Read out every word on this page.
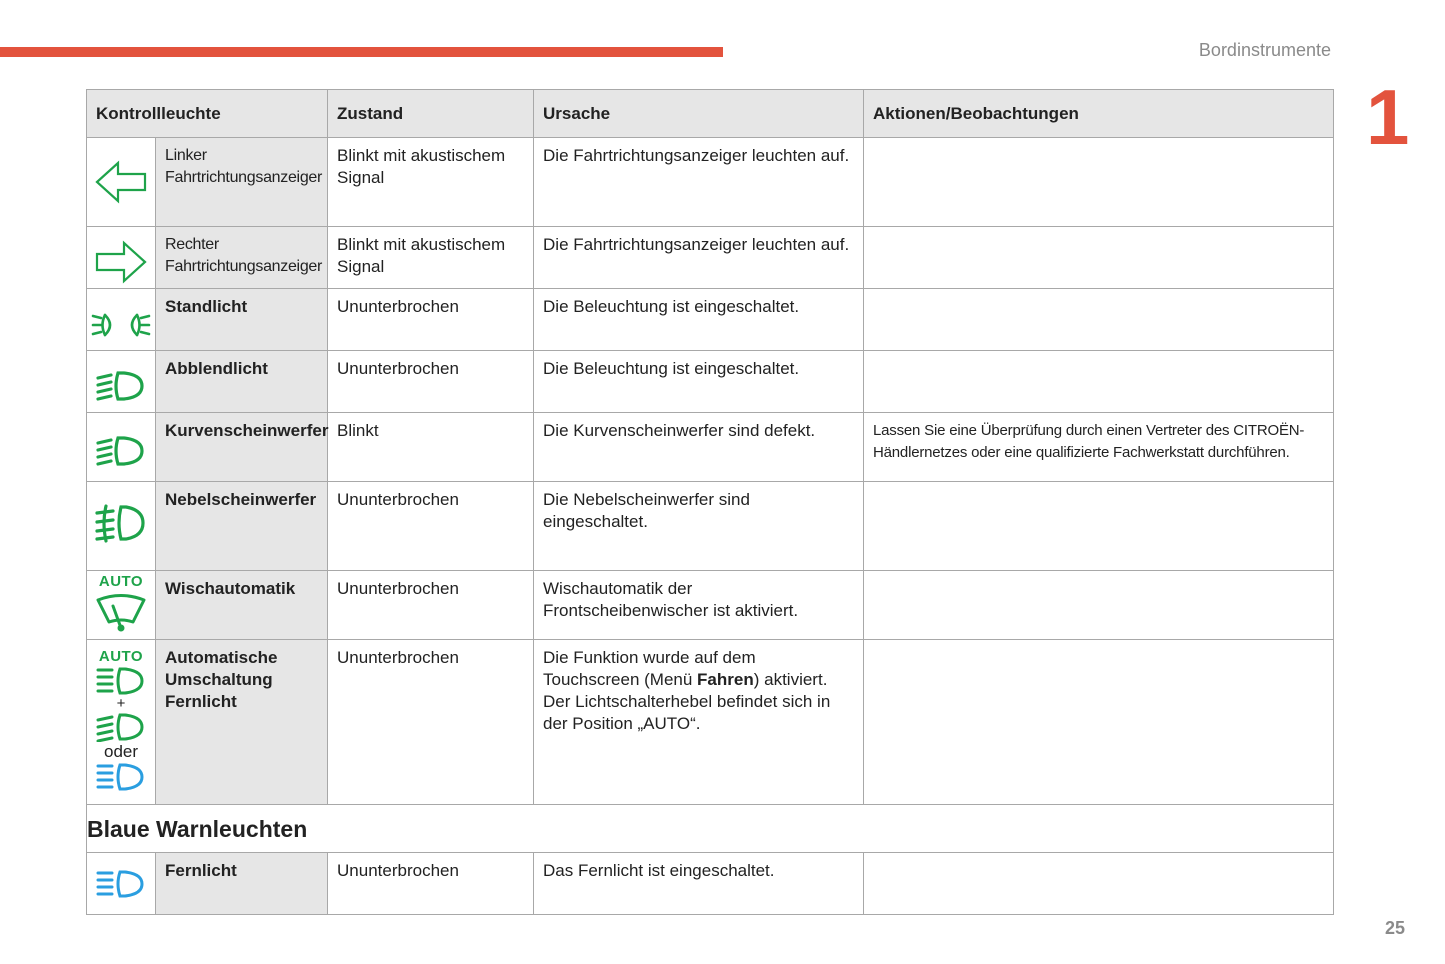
Bordinstrumente
1
25
Kontrollleuchte		Zustand	Ursache	Aktionen/Beobachtungen

	Linker Fahrtrichtungsanzeiger	Blinkt mit akustischem Signal	Die Fahrtrichtungsanzeiger leuchten auf.	

	Rechter Fahrtrichtungsanzeiger	Blinkt mit akustischem Signal	Die Fahrtrichtungsanzeiger leuchten auf.	

	Standlicht	Ununterbrochen	Die Beleuchtung ist eingeschaltet.	

	Abblendlicht	Ununterbrochen	Die Beleuchtung ist eingeschaltet.	

	Kurvenscheinwerfer	Blinkt	Die Kurvenscheinwerfer sind defekt.	Lassen Sie eine Überprüfung durch einen Vertreter des CITROËN-Händlernetzes oder eine qualifizierte Fachwerkstatt durchführen.

	Nebelscheinwerfer	Ununterbrochen	Die Nebelscheinwerfer sind eingeschaltet.	

AUTO	Wischautomatik	Ununterbrochen	Wischautomatik der Frontscheibenwischer ist aktiviert.	

AUTO
+
oder	Automatische Umschaltung Fernlicht	Ununterbrochen	Die Funktion wurde auf dem Touchscreen (Menü Fahren) aktiviert. Der Lichtschalterhebel befindet sich in der Position „AUTO“.	
Blaue Warnleuchten				

	Fernlicht	Ununterbrochen	Das Fernlicht ist eingeschaltet.	
